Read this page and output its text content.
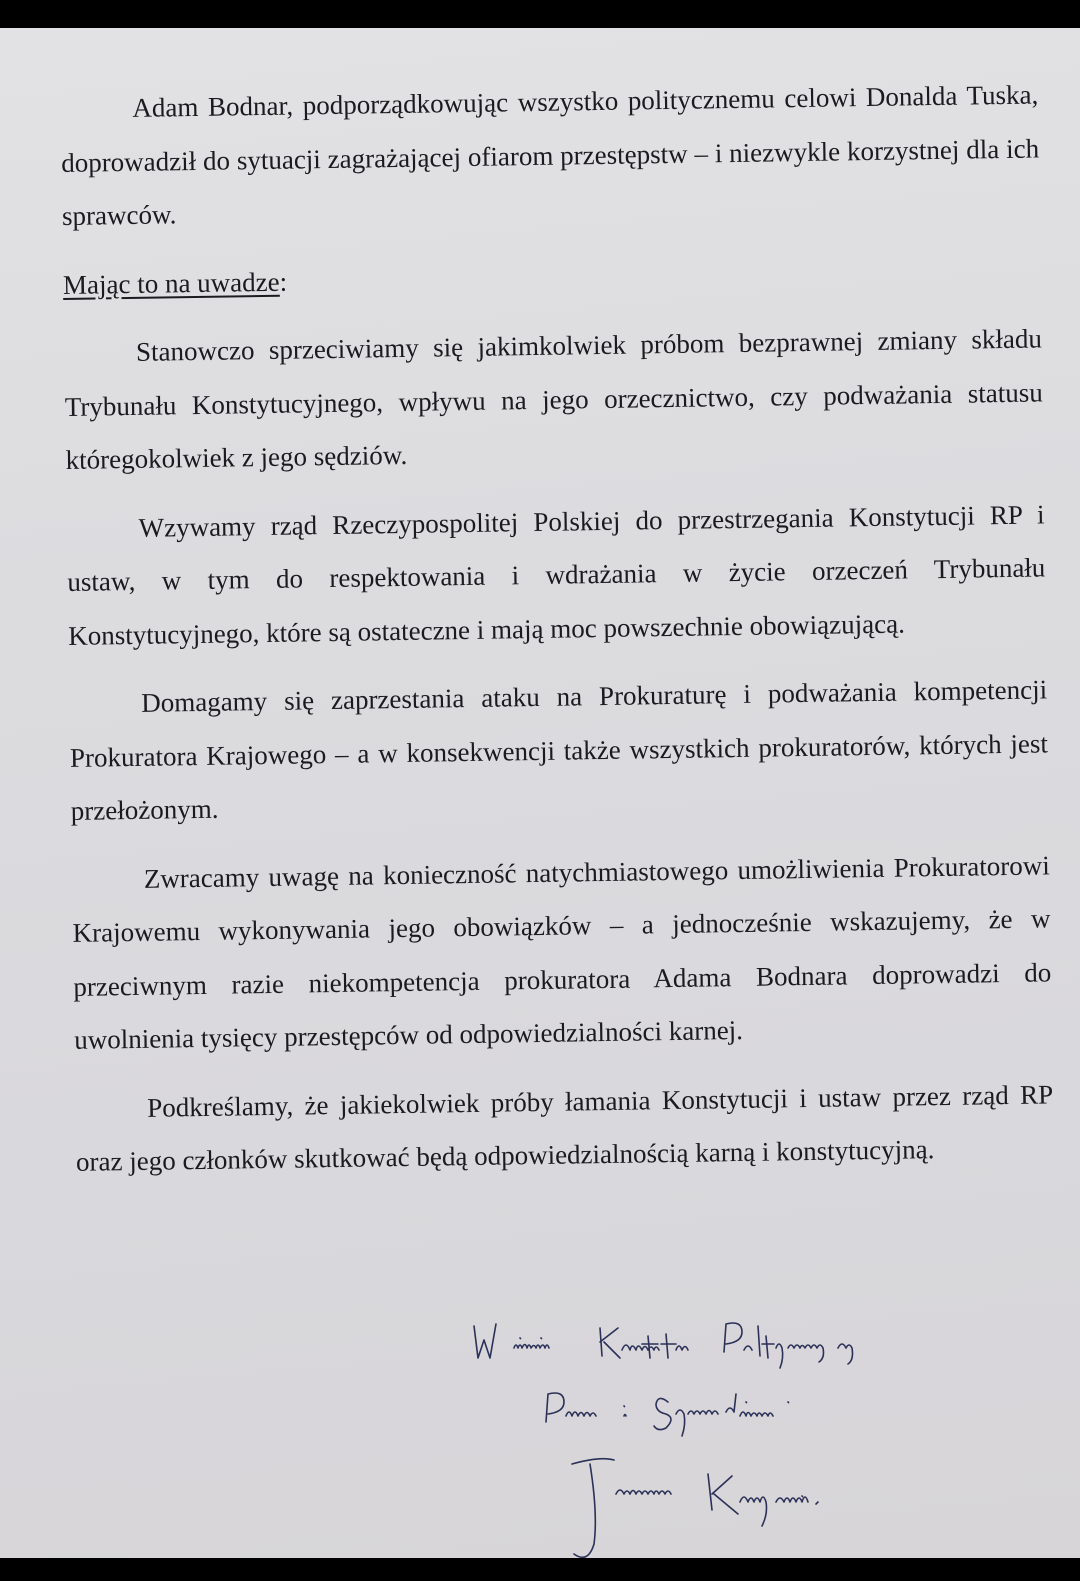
Adam Bodnar, podporządkowując wszystko politycznemu celowi Donalda Tuska, doprowadził do sytuacji zagrażającej ofiarom przestępstw – i niezwykle korzystnej dla ich sprawców.

Mając to na uwadze:

Stanowczo sprzeciwiamy się jakimkolwiek próbom bezprawnej zmiany składu Trybunału Konstytucyjnego, wpływu na jego orzecznictwo, czy podważania statusu któregokolwiek z jego sędziów.

Wzywamy rząd Rzeczypospolitej Polskiej do przestrzegania Konstytucji RP i ustaw, w tym do respektowania i wdrażania w życie orzeczeń Trybunału Konstytucyjnego, które są ostateczne i mają moc powszechnie obowiązującą.

Domagamy się zaprzestania ataku na Prokuraturę i podważania kompetencji Prokuratora Krajowego – a w konsekwencji także wszystkich prokuratorów, których jest przełożonym.

Zwracamy uwagę na konieczność natychmiastowego umożliwienia Prokuratorowi Krajowemu wykonywania jego obowiązków – a jednocześnie wskazujemy, że w przeciwnym razie niekompetencja prokuratora Adama Bodnara doprowadzi do uwolnienia tysięcy przestępców od odpowiedzialności karnej.

Podkreślamy, że jakiekolwiek próby łamania Konstytucji i ustaw przez rząd RP oraz jego członków skutkować będą odpowiedzialnością karną i konstytucyjną.
